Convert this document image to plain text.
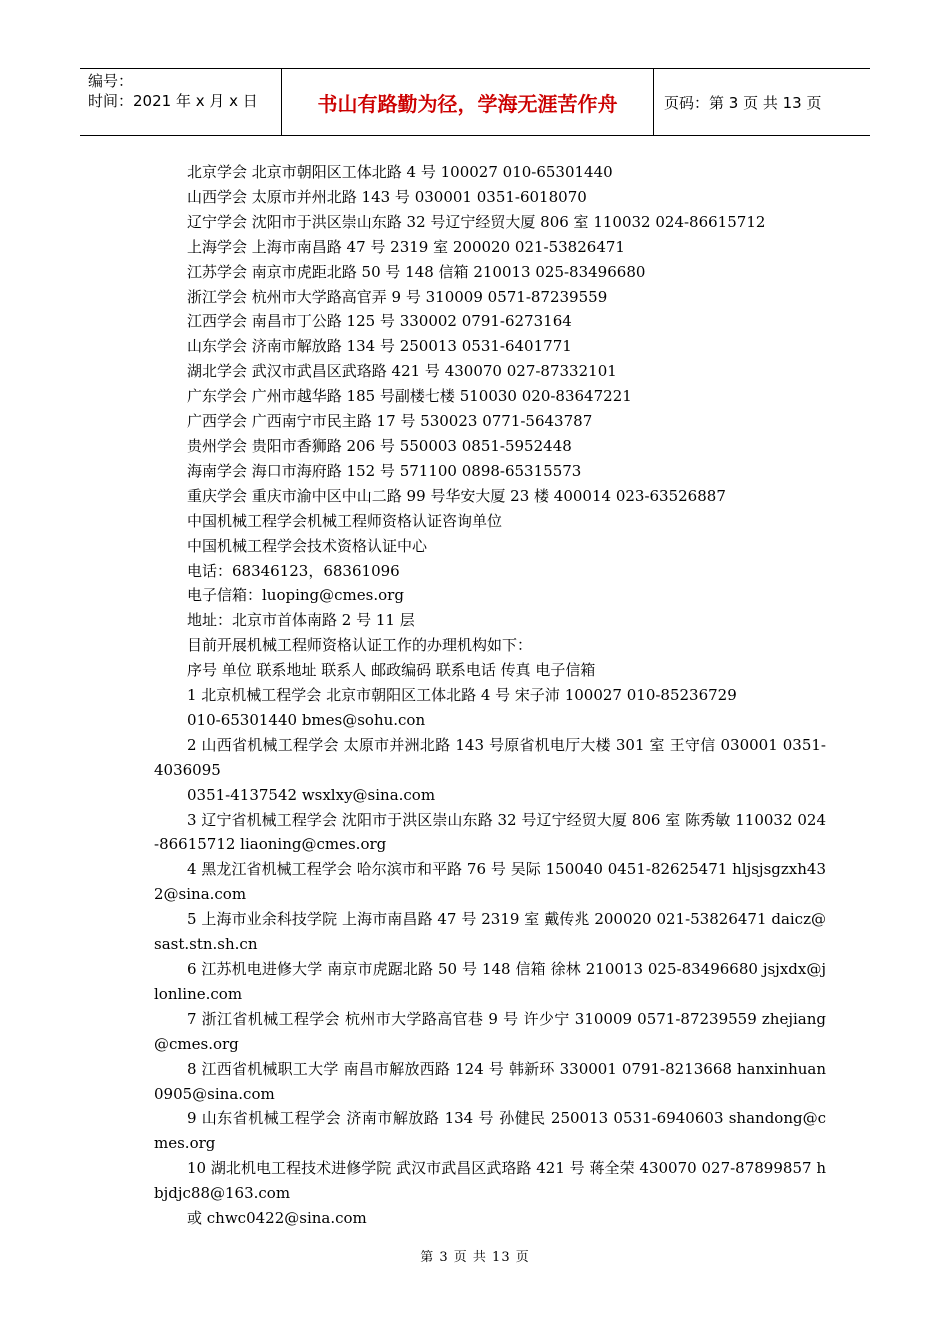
编号：
时间：2021 年 x 月 x 日	书山有路勤为径，学海无涯苦作舟	页码：第 3 页 共 13 页
北京学会 北京市朝阳区工体北路 4 号 100027 010-65301440
山西学会 太原市并州北路 143 号 030001 0351-6018070
辽宁学会 沈阳市于洪区崇山东路 32 号辽宁经贸大厦 806 室 110032 024-86615712
上海学会 上海市南昌路 47 号 2319 室 200020 021-53826471
江苏学会 南京市虎距北路 50 号 148 信箱 210013 025-83496680
浙江学会 杭州市大学路高官弄 9 号 310009 0571-87239559
江西学会 南昌市丁公路 125 号 330002 0791-6273164
山东学会 济南市解放路 134 号 250013 0531-6401771
湖北学会 武汉市武昌区武珞路 421 号 430070 027-87332101
广东学会 广州市越华路 185 号副楼七楼 510030 020-83647221
广西学会 广西南宁市民主路 17 号 530023 0771-5643787
贵州学会 贵阳市香狮路 206 号 550003 0851-5952448
海南学会 海口市海府路 152 号 571100 0898-65315573
重庆学会 重庆市渝中区中山二路 99 号华安大厦 23 楼 400014 023-63526887
中国机械工程学会机械工程师资格认证咨询单位
中国机械工程学会技术资格认证中心
电话：68346123，68361096
电子信箱：luoping@cmes.org
地址：北京市首体南路 2 号 11 层
目前开展机械工程师资格认证工作的办理机构如下：
序号 单位 联系地址 联系人 邮政编码 联系电话 传真 电子信箱
1 北京机械工程学会 北京市朝阳区工体北路 4 号 宋子沛 100027 010-85236729
010-65301440 bmes@sohu.con
2 山西省机械工程学会 太原市并洲北路 143 号原省机电厅大楼 301 室 王守信 030001 0351-4036095
0351-4137542 wsxlxy@sina.com
3 辽宁省机械工程学会 沈阳市于洪区崇山东路 32 号辽宁经贸大厦 806 室 陈秀敏 110032 024-86615712 liaoning@cmes.org
4 黑龙江省机械工程学会 哈尔滨市和平路 76 号 吴际 150040 0451-82625471 hljsjsgzxh432@sina.com
5 上海市业余科技学院 上海市南昌路 47 号 2319 室 戴传兆 200020 021-53826471 daicz@sast.stn.sh.cn
6 江苏机电进修大学 南京市虎踞北路 50 号 148 信箱 徐林 210013 025-83496680 jsjxdx@jlonline.com
7 浙江省机械工程学会 杭州市大学路高官巷 9 号 许少宁 310009 0571-87239559 zhejiang@cmes.org
8 江西省机械职工大学 南昌市解放西路 124 号 韩新环 330001 0791-8213668 hanxinhuan0905@sina.com
9 山东省机械工程学会 济南市解放路 134 号 孙健民 250013 0531-6940603 shandong@cmes.org
10 湖北机电工程技术进修学院 武汉市武昌区武珞路 421 号 蒋全荣 430070 027-87899857 hbjdjc88@163.com
或 chwc0422@sina.com
第 3 页 共 13 页
